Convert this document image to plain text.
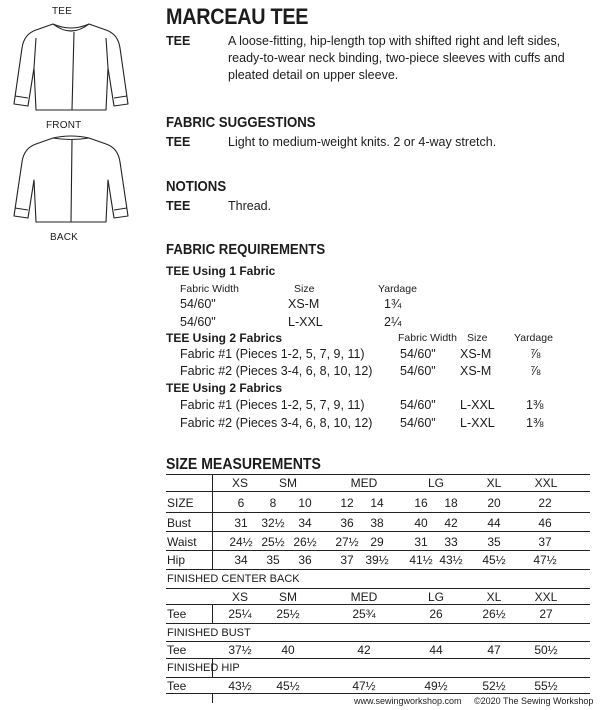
TEE
FRONT
BACK
MARCEAU TEE
TEE	A loose-fitting, hip-length top with shifted right and left sides, ready-to-wear neck binding, two-piece sleeves with cuffs and pleated detail on upper sleeve.
FABRIC SUGGESTIONS
TEE	Light to medium-weight knits. 2 or 4-way stretch.
NOTIONS
TEE	Thread.
FABRIC REQUIREMENTS
TEE Using 1 Fabric
Fabric Width	Size	Yardage
54/60"	XS-M	1¾
54/60"	L-XXL	2¼
TEE Using 2 Fabrics	Fabric Width Size	Yardage
Fabric #1 (Pieces 1-2, 5, 7, 9, 11)	54/60" XS-M	⅞
Fabric #2 (Pieces 3-4, 6, 8, 10, 12) 54/60" XS-M	⅞
TEE Using 2 Fabrics
Fabric #1 (Pieces 1-2, 5, 7, 9, 11)	54/60" L-XXL	1⅜
Fabric #2 (Pieces 3-4, 6, 8, 10, 12) 54/60" L-XXL	1⅜
SIZE MEASUREMENTS
XS	SM	MED	LG	XL	XXL
SIZE	6	8	10	12	14	16	18	20	22
Bust	31	32½	34	36	38	40	42	44	46
Waist	24½ 25½ 26½ 27½ 29	31	33	35	37
Hip	34	35	36	37 39½ 41½ 43½ 45½ 47½
FINISHED CENTER BACK
XS	SM	MED	LG	XL	XXL
Tee	25¼	25½	25¾	26	26½	27
FINISHED BUST
Tee	37½	40	42	44	47	50½
FINISHED HIP
Tee	43½	45½	47½	49½	52½	55½
www.sewingworkshop.com ©2020 The Sewing Workshop
